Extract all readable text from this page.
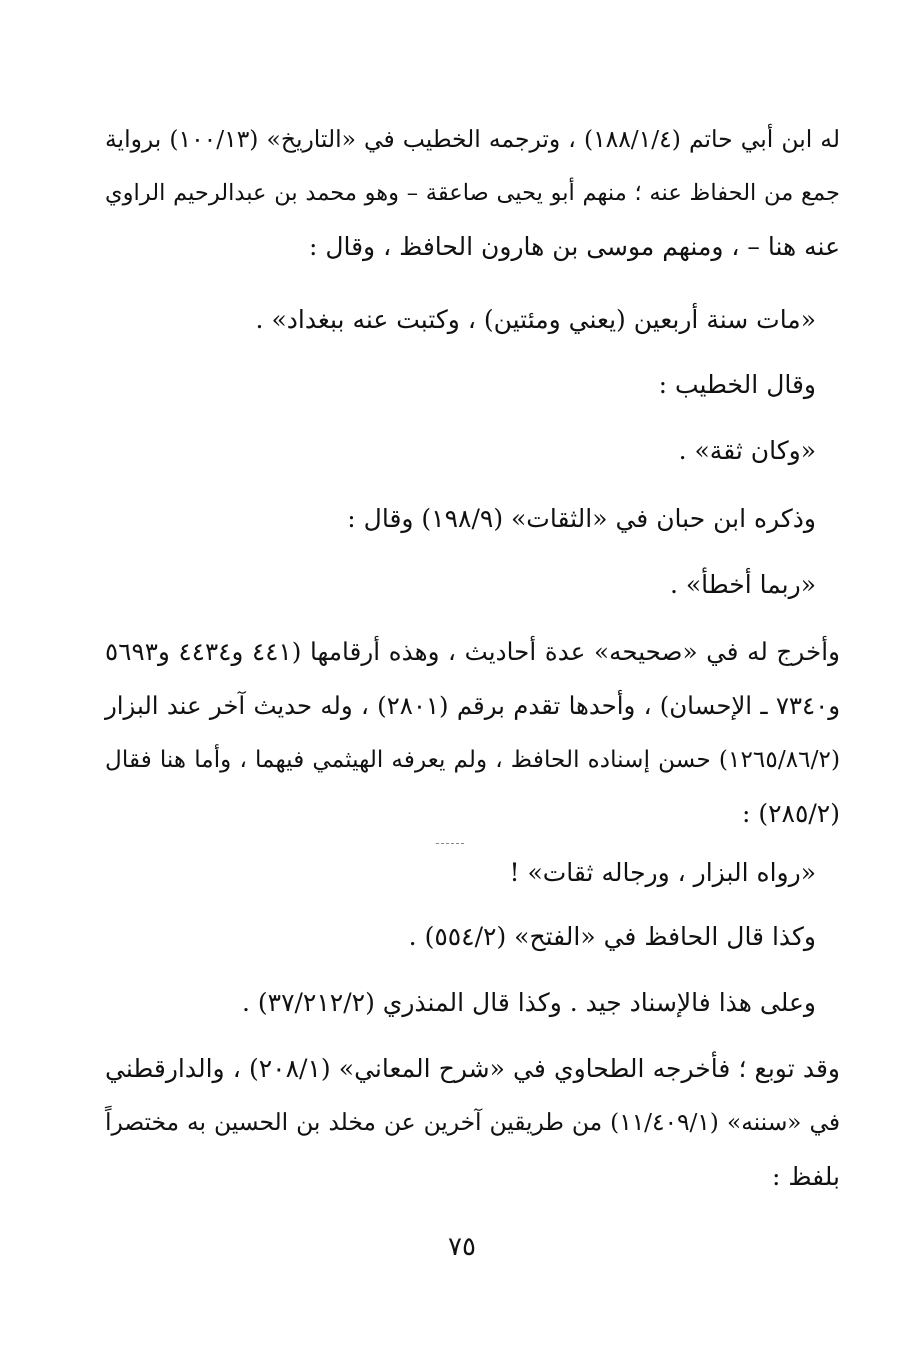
له ابن أبي حاتم (١٨٨/١/٤) ، وترجمه الخطيب في «التاريخ» (١٠٠/١٣) برواية
جمع من الحفاظ عنه ؛ منهم أبو يحيى صاعقة – وهو محمد بن عبدالرحيم الراوي
عنه هنا – ، ومنهم موسى بن هارون الحافظ ، وقال :
«مات سنة أربعين (يعني ومئتين) ، وكتبت عنه ببغداد» .
وقال الخطيب :
«وكان ثقة» .
وذكره ابن حبان في «الثقات» (١٩٨/٩) وقال :
«ربما أخطأ» .
وأخرج له في «صحيحه» عدة أحاديث ، وهذه أرقامها (٤٤١ و٤٤٣٤ و٥٦٩٣
و٧٣٤٠ ـ الإحسان) ، وأحدها تقدم برقم (٢٨٠١) ، وله حديث آخر عند البزار
(١٢٦٥/٨٦/٢) حسن إسناده الحافظ ، ولم يعرفه الهيثمي فيهما ، وأما هنا فقال
(٢٨٥/٢) :
«رواه البزار ، ورجاله ثقات» !
وكذا قال الحافظ في «الفتح» (٥٥٤/٢) .
وعلى هذا فالإسناد جيد . وكذا قال المنذري (٣٧/٢١٢/٢) .
وقد توبع ؛ فأخرجه الطحاوي في «شرح المعاني» (٢٠٨/١) ، والدارقطني
في «سننه» (١١/٤٠٩/١) من طريقين آخرين عن مخلد بن الحسين به مختصراً
بلفظ :
٧٥
